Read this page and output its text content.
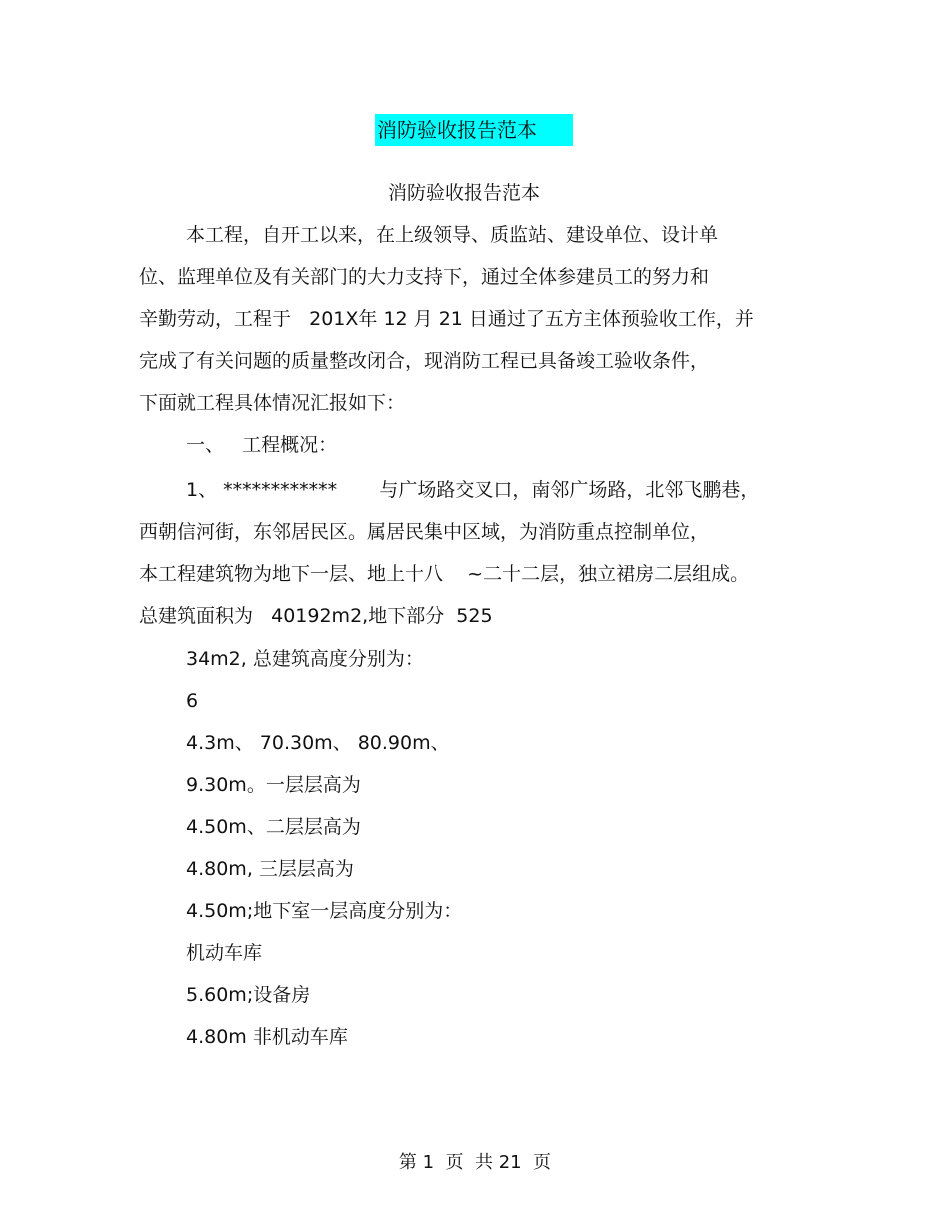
消防验收报告范本
消防验收报告范本
本工程，自开工以来，在上级领导、质监站、建设单位、设计单
位、监理单位及有关部门的大力支持下，通过全体参建员工的努力和
辛勤劳动，工程于   201X年 12 月 21 日通过了五方主体预验收工作，并
完成了有关问题的质量整改闭合，现消防工程已具备竣工验收条件，
下面就工程具体情况汇报如下：
一、   工程概况：
1、 ************       与广场路交叉口，南邻广场路，北邻飞鹏巷，
西朝信河街，东邻居民区。属居民集中区域，为消防重点控制单位，
本工程建筑物为地下一层、地上十八    ~二十二层，独立裙房二层组成。
总建筑面积为   40192m2,地下部分  525
34m2, 总建筑高度分别为：
6
4.3m、 70.30m、 80.90m、
9.30m。一层层高为
4.50m、二层层高为
4.80m, 三层层高为
4.50m;地下室一层高度分别为：
机动车库
5.60m;设备房
4.80m 非机动车库
第 1  页  共 21  页
